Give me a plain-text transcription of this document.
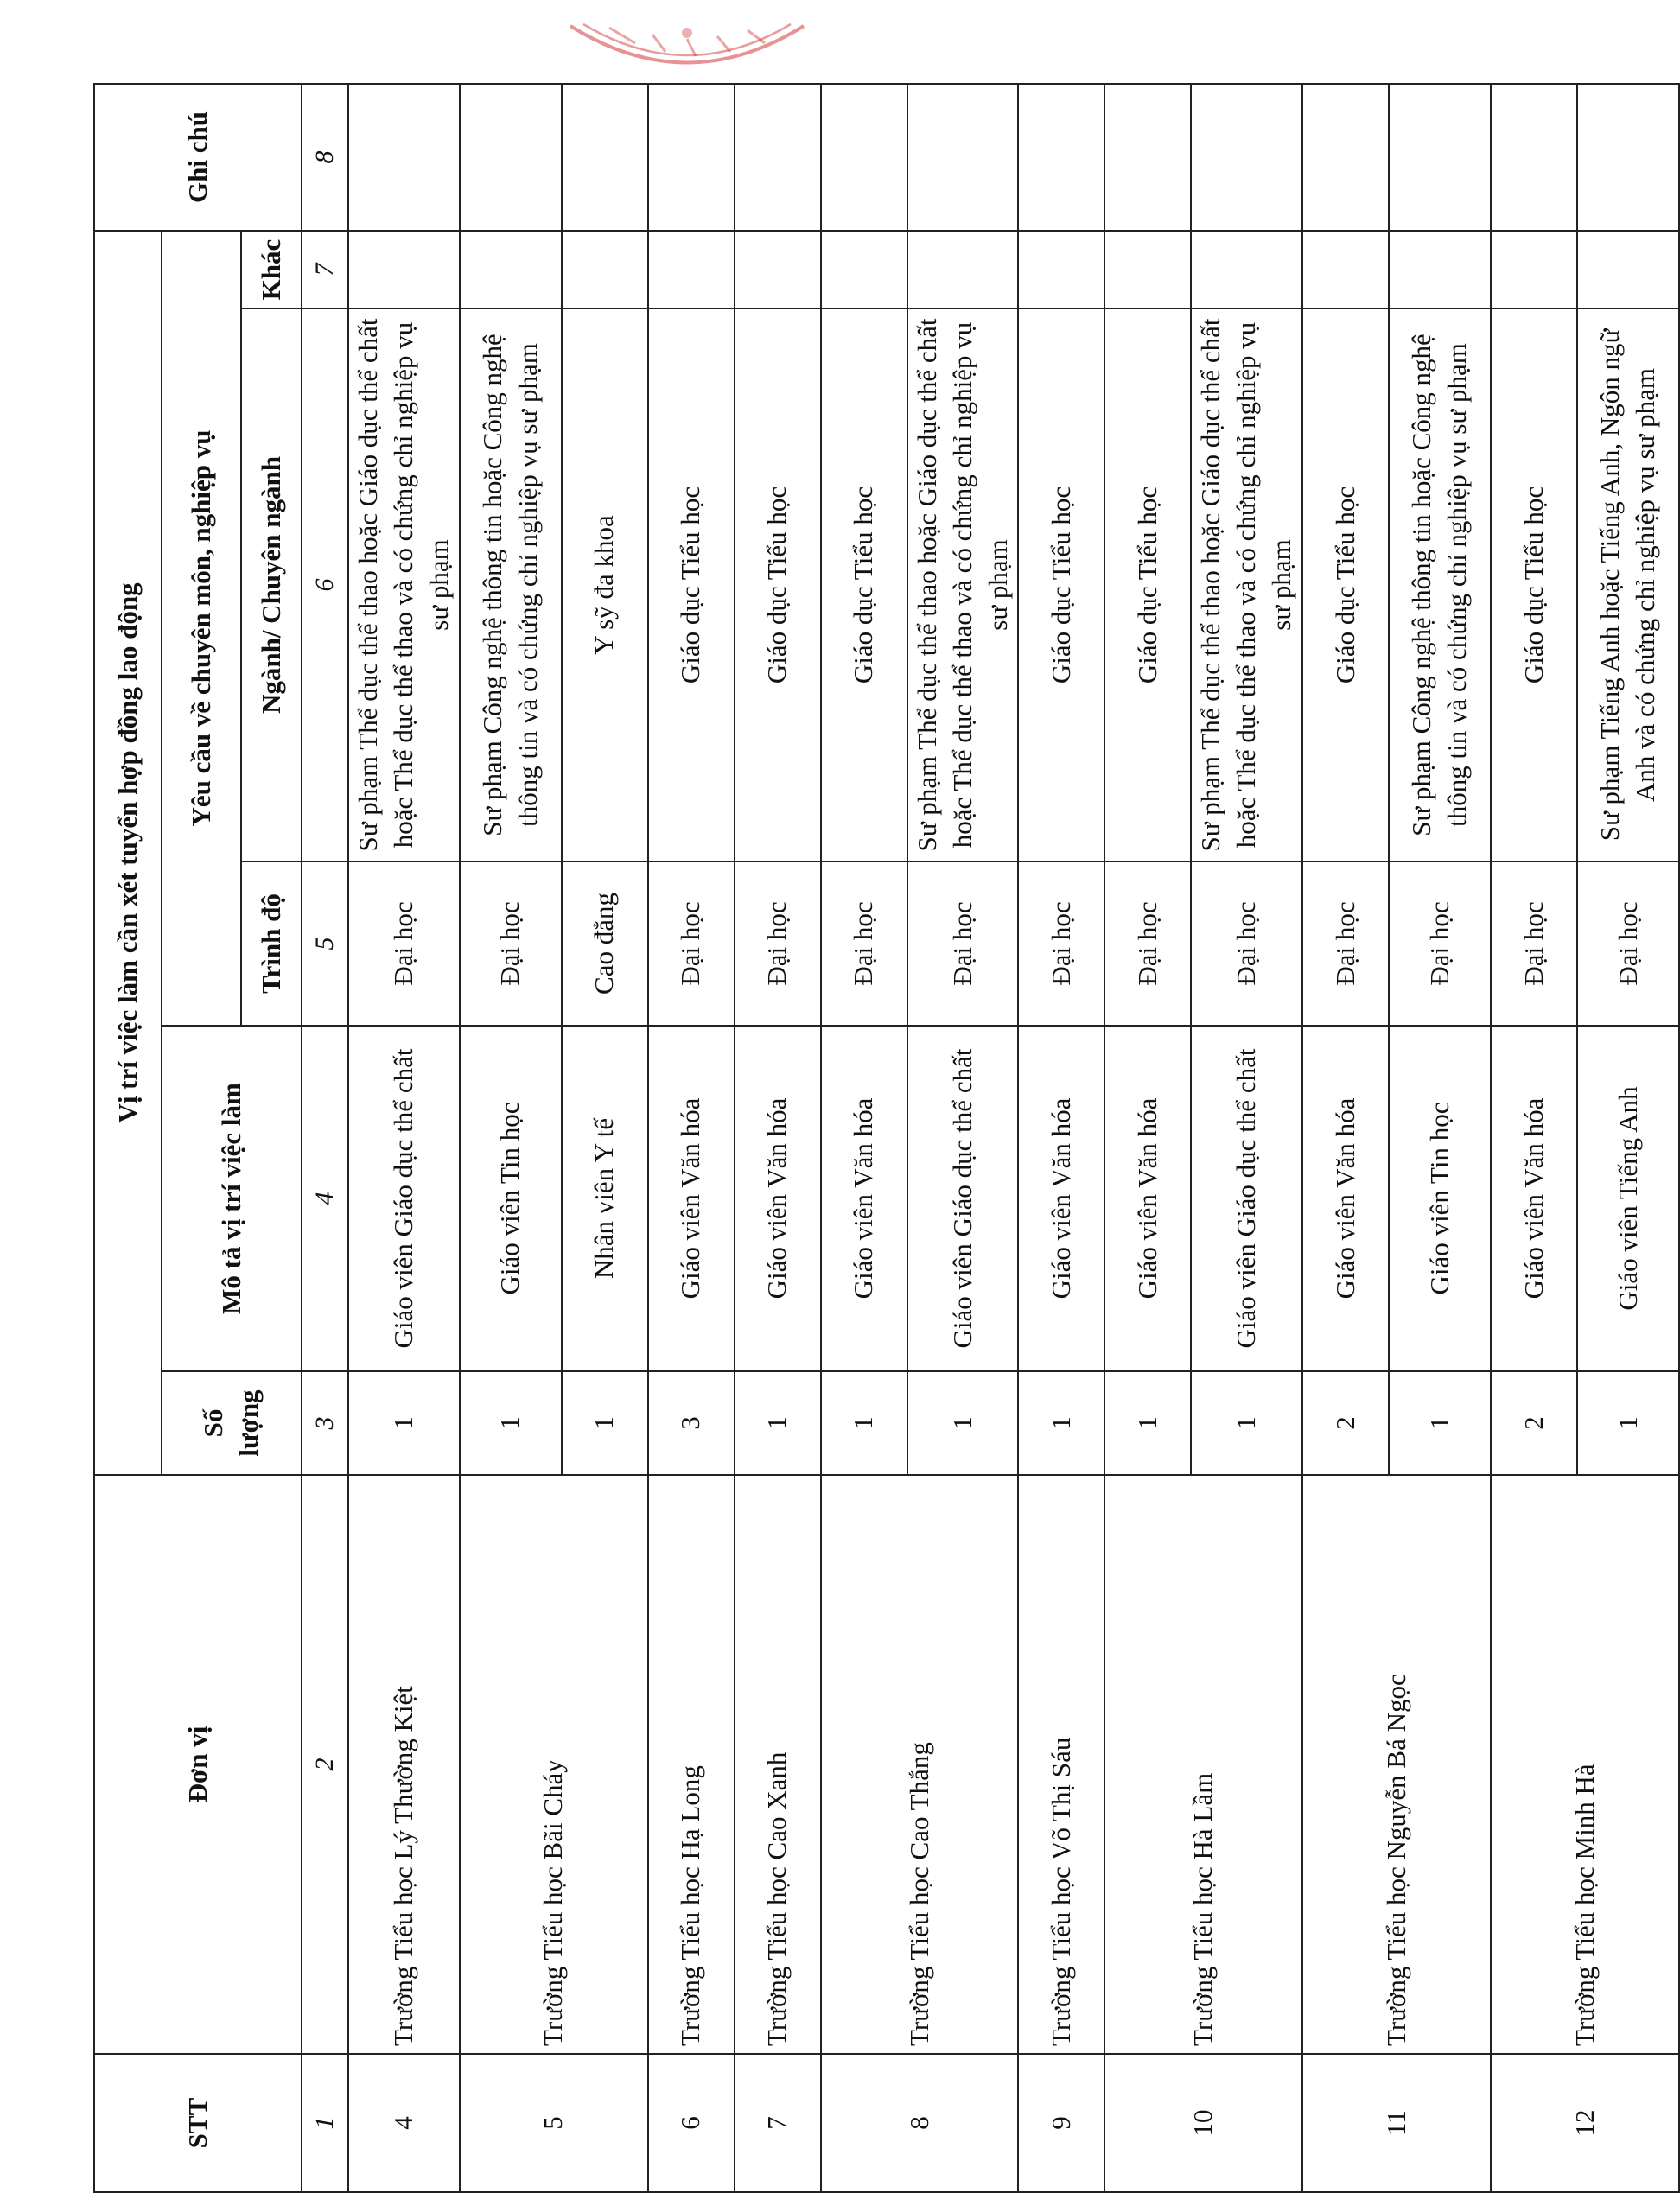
STT	Đơn vị	Vị trí việc làm cần xét tuyển hợp đồng lao động					Ghi chú
		Số lượng	Mô tả vị trí việc làm	Yêu cầu về chuyên môn, nghiệp vụ			
				Trình độ	Ngành/ Chuyên ngành	Khác	
1	2	3	4	5	6	7	8
4	Trường Tiểu học Lý Thường Kiệt	1	Giáo viên Giáo dục thể chất	Đại học	Sư phạm Thể dục thể thao hoặc Giáo dục thể chất hoặc Thể dục thể thao và có chứng chỉ nghiệp vụ sư phạm		
5	Trường Tiểu học Bãi Cháy	1	Giáo viên Tin học	Đại học	Sư phạm Công nghệ thông tin hoặc Công nghệ thông tin và có chứng chỉ nghiệp vụ sư phạm		
		1	Nhân viên Y tế	Cao đẳng	Y sỹ đa khoa		
6	Trường Tiểu học Hạ Long	3	Giáo viên Văn hóa	Đại học	Giáo dục Tiểu học		
7	Trường Tiểu học Cao Xanh	1	Giáo viên Văn hóa	Đại học	Giáo dục Tiểu học		
8	Trường Tiểu học Cao Thắng	1	Giáo viên Văn hóa	Đại học	Giáo dục Tiểu học		
		1	Giáo viên Giáo dục thể chất	Đại học	Sư phạm Thể dục thể thao hoặc Giáo dục thể chất hoặc Thể dục thể thao và có chứng chỉ nghiệp vụ sư phạm		
9	Trường Tiểu học Võ Thị Sáu	1	Giáo viên Văn hóa	Đại học	Giáo dục Tiểu học		
10	Trường Tiểu học Hà Lầm	1	Giáo viên Văn hóa	Đại học	Giáo dục Tiểu học		
		1	Giáo viên Giáo dục thể chất	Đại học	Sư phạm Thể dục thể thao hoặc Giáo dục thể chất hoặc Thể dục thể thao và có chứng chỉ nghiệp vụ sư phạm		
11	Trường Tiểu học Nguyễn Bá Ngọc	2	Giáo viên Văn hóa	Đại học	Giáo dục Tiểu học		
		1	Giáo viên Tin học	Đại học	Sư phạm Công nghệ thông tin hoặc Công nghệ thông tin và có chứng chỉ nghiệp vụ sư phạm		
12	Trường Tiểu học Minh Hà	2	Giáo viên Văn hóa	Đại học	Giáo dục Tiểu học		
		1	Giáo viên Tiếng Anh	Đại học	Sư phạm Tiếng Anh hoặc Tiếng Anh, Ngôn ngữ Anh và có chứng chỉ nghiệp vụ sư phạm		
